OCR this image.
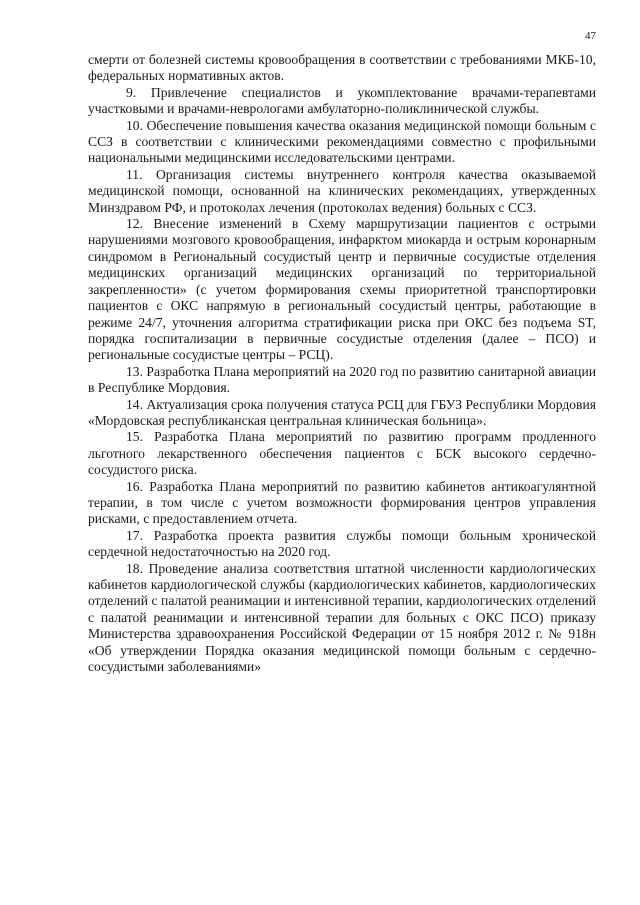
47

смерти от болезней системы кровообращения в соответствии с требованиями МКБ-10, федеральных нормативных актов.

9. Привлечение специалистов и укомплектование врачами-терапевтами участковыми и врачами-неврологами амбулаторно-поликлинической службы.

10. Обеспечение повышения качества оказания медицинской помощи больным с ССЗ в соответствии с клиническими рекомендациями совместно с профильными национальными медицинскими исследовательскими центрами.

11. Организация системы внутреннего контроля качества оказываемой медицинской помощи, основанной на клинических рекомендациях, утвержденных Минздравом РФ, и протоколах лечения (протоколах ведения) больных с ССЗ.

12. Внесение изменений в Схему маршрутизации пациентов с острыми нарушениями мозгового кровообращения, инфарктом миокарда и острым коронарным синдромом в Региональный сосудистый центр и первичные сосудистые отделения медицинских организаций медицинских организаций по территориальной закрепленности» (с учетом формирования схемы приоритетной транспортировки пациентов с ОКС напрямую в региональный сосудистый центры, работающие в режиме 24/7, уточнения алгоритма стратификации риска при ОКС без подъема ST, порядка госпитализации в первичные сосудистые отделения (далее – ПСО) и региональные сосудистые центры – РСЦ).

13. Разработка Плана мероприятий на 2020 год по развитию санитарной авиации в Республике Мордовия.

14. Актуализация срока получения статуса РСЦ для ГБУЗ Республики Мордовия «Мордовская республиканская центральная клиническая больница».

15. Разработка Плана мероприятий по развитию программ продленного льготного лекарственного обеспечения пациентов с БСК высокого сердечно-сосудистого риска.

16. Разработка Плана мероприятий по развитию кабинетов антикоагулянтной терапии, в том числе с учетом возможности формирования центров управления рисками, с предоставлением отчета.

17. Разработка проекта развития службы помощи больным хронической сердечной недостаточностью на 2020 год.

18. Проведение анализа соответствия штатной численности кардиологических кабинетов кардиологической службы (кардиологических кабинетов, кардиологических отделений с палатой реанимации и интенсивной терапии, кардиологических отделений с палатой реанимации и интенсивной терапии для больных с ОКС ПСО) приказу Министерства здравоохранения Российской Федерации от 15 ноября 2012 г. № 918н «Об утверждении Порядка оказания медицинской помощи больным с сердечно-сосудистыми заболеваниями»
